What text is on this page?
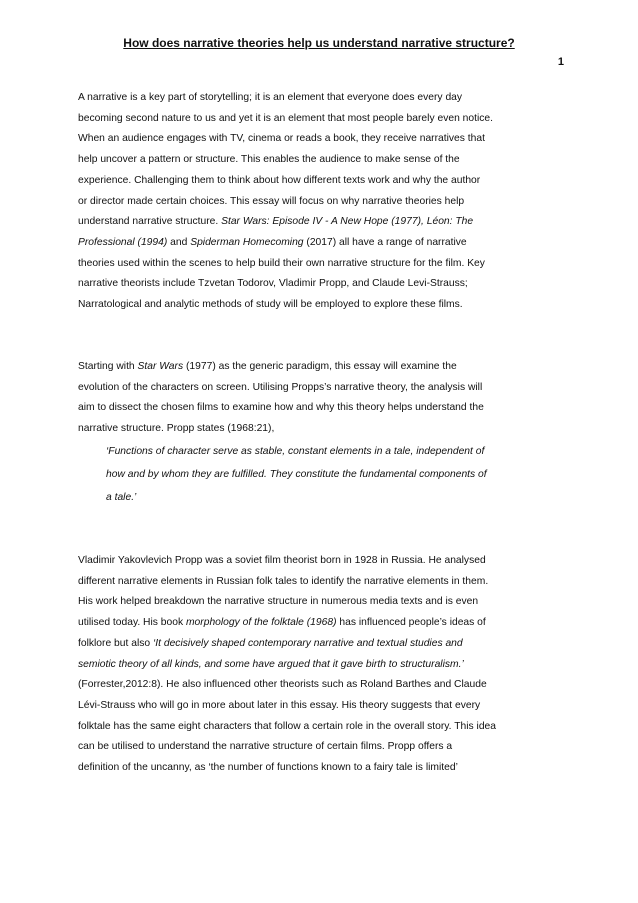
How does narrative theories help us understand narrative structure?
1
A narrative is a key part of storytelling; it is an element that everyone does every day
becoming second nature to us and yet it is an element that most people barely even notice.
When an audience engages with TV, cinema or reads a book, they receive narratives that
help uncover a pattern or structure. This enables the audience to make sense of the
experience. Challenging them to think about how different texts work and why the author
or director made certain choices. This essay will focus on why narrative theories help
understand narrative structure. Star Wars: Episode IV - A New Hope (1977), Léon: The
Professional (1994) and Spiderman Homecoming (2017) all have a range of narrative
theories used within the scenes to help build their own narrative structure for the film. Key
narrative theorists include Tzvetan Todorov, Vladimir Propp, and Claude Levi-Strauss;
Narratological and analytic methods of study will be employed to explore these films.
Starting with Star Wars (1977) as the generic paradigm, this essay will examine the
evolution of the characters on screen. Utilising Propps’s narrative theory, the analysis will
aim to dissect the chosen films to examine how and why this theory helps understand the
narrative structure. Propp states (1968:21),
‘Functions of character serve as stable, constant elements in a tale, independent of
how and by whom they are fulfilled. They constitute the fundamental components of
a tale.’
Vladimir Yakovlevich Propp was a soviet film theorist born in 1928 in Russia. He analysed
different narrative elements in Russian folk tales to identify the narrative elements in them.
His work helped breakdown the narrative structure in numerous media texts and is even
utilised today. His book morphology of the folktale (1968) has influenced people’s ideas of
folklore but also ‘It decisively shaped contemporary narrative and textual studies and
semiotic theory of all kinds, and some have argued that it gave birth to structuralism.’
(Forrester,2012:8). He also influenced other theorists such as Roland Barthes and Claude
Lévi-Strauss who will go in more about later in this essay. His theory suggests that every
folktale has the same eight characters that follow a certain role in the overall story. This idea
can be utilised to understand the narrative structure of certain films. Propp offers a
definition of the uncanny, as ‘the number of functions known to a fairy tale is limited’
